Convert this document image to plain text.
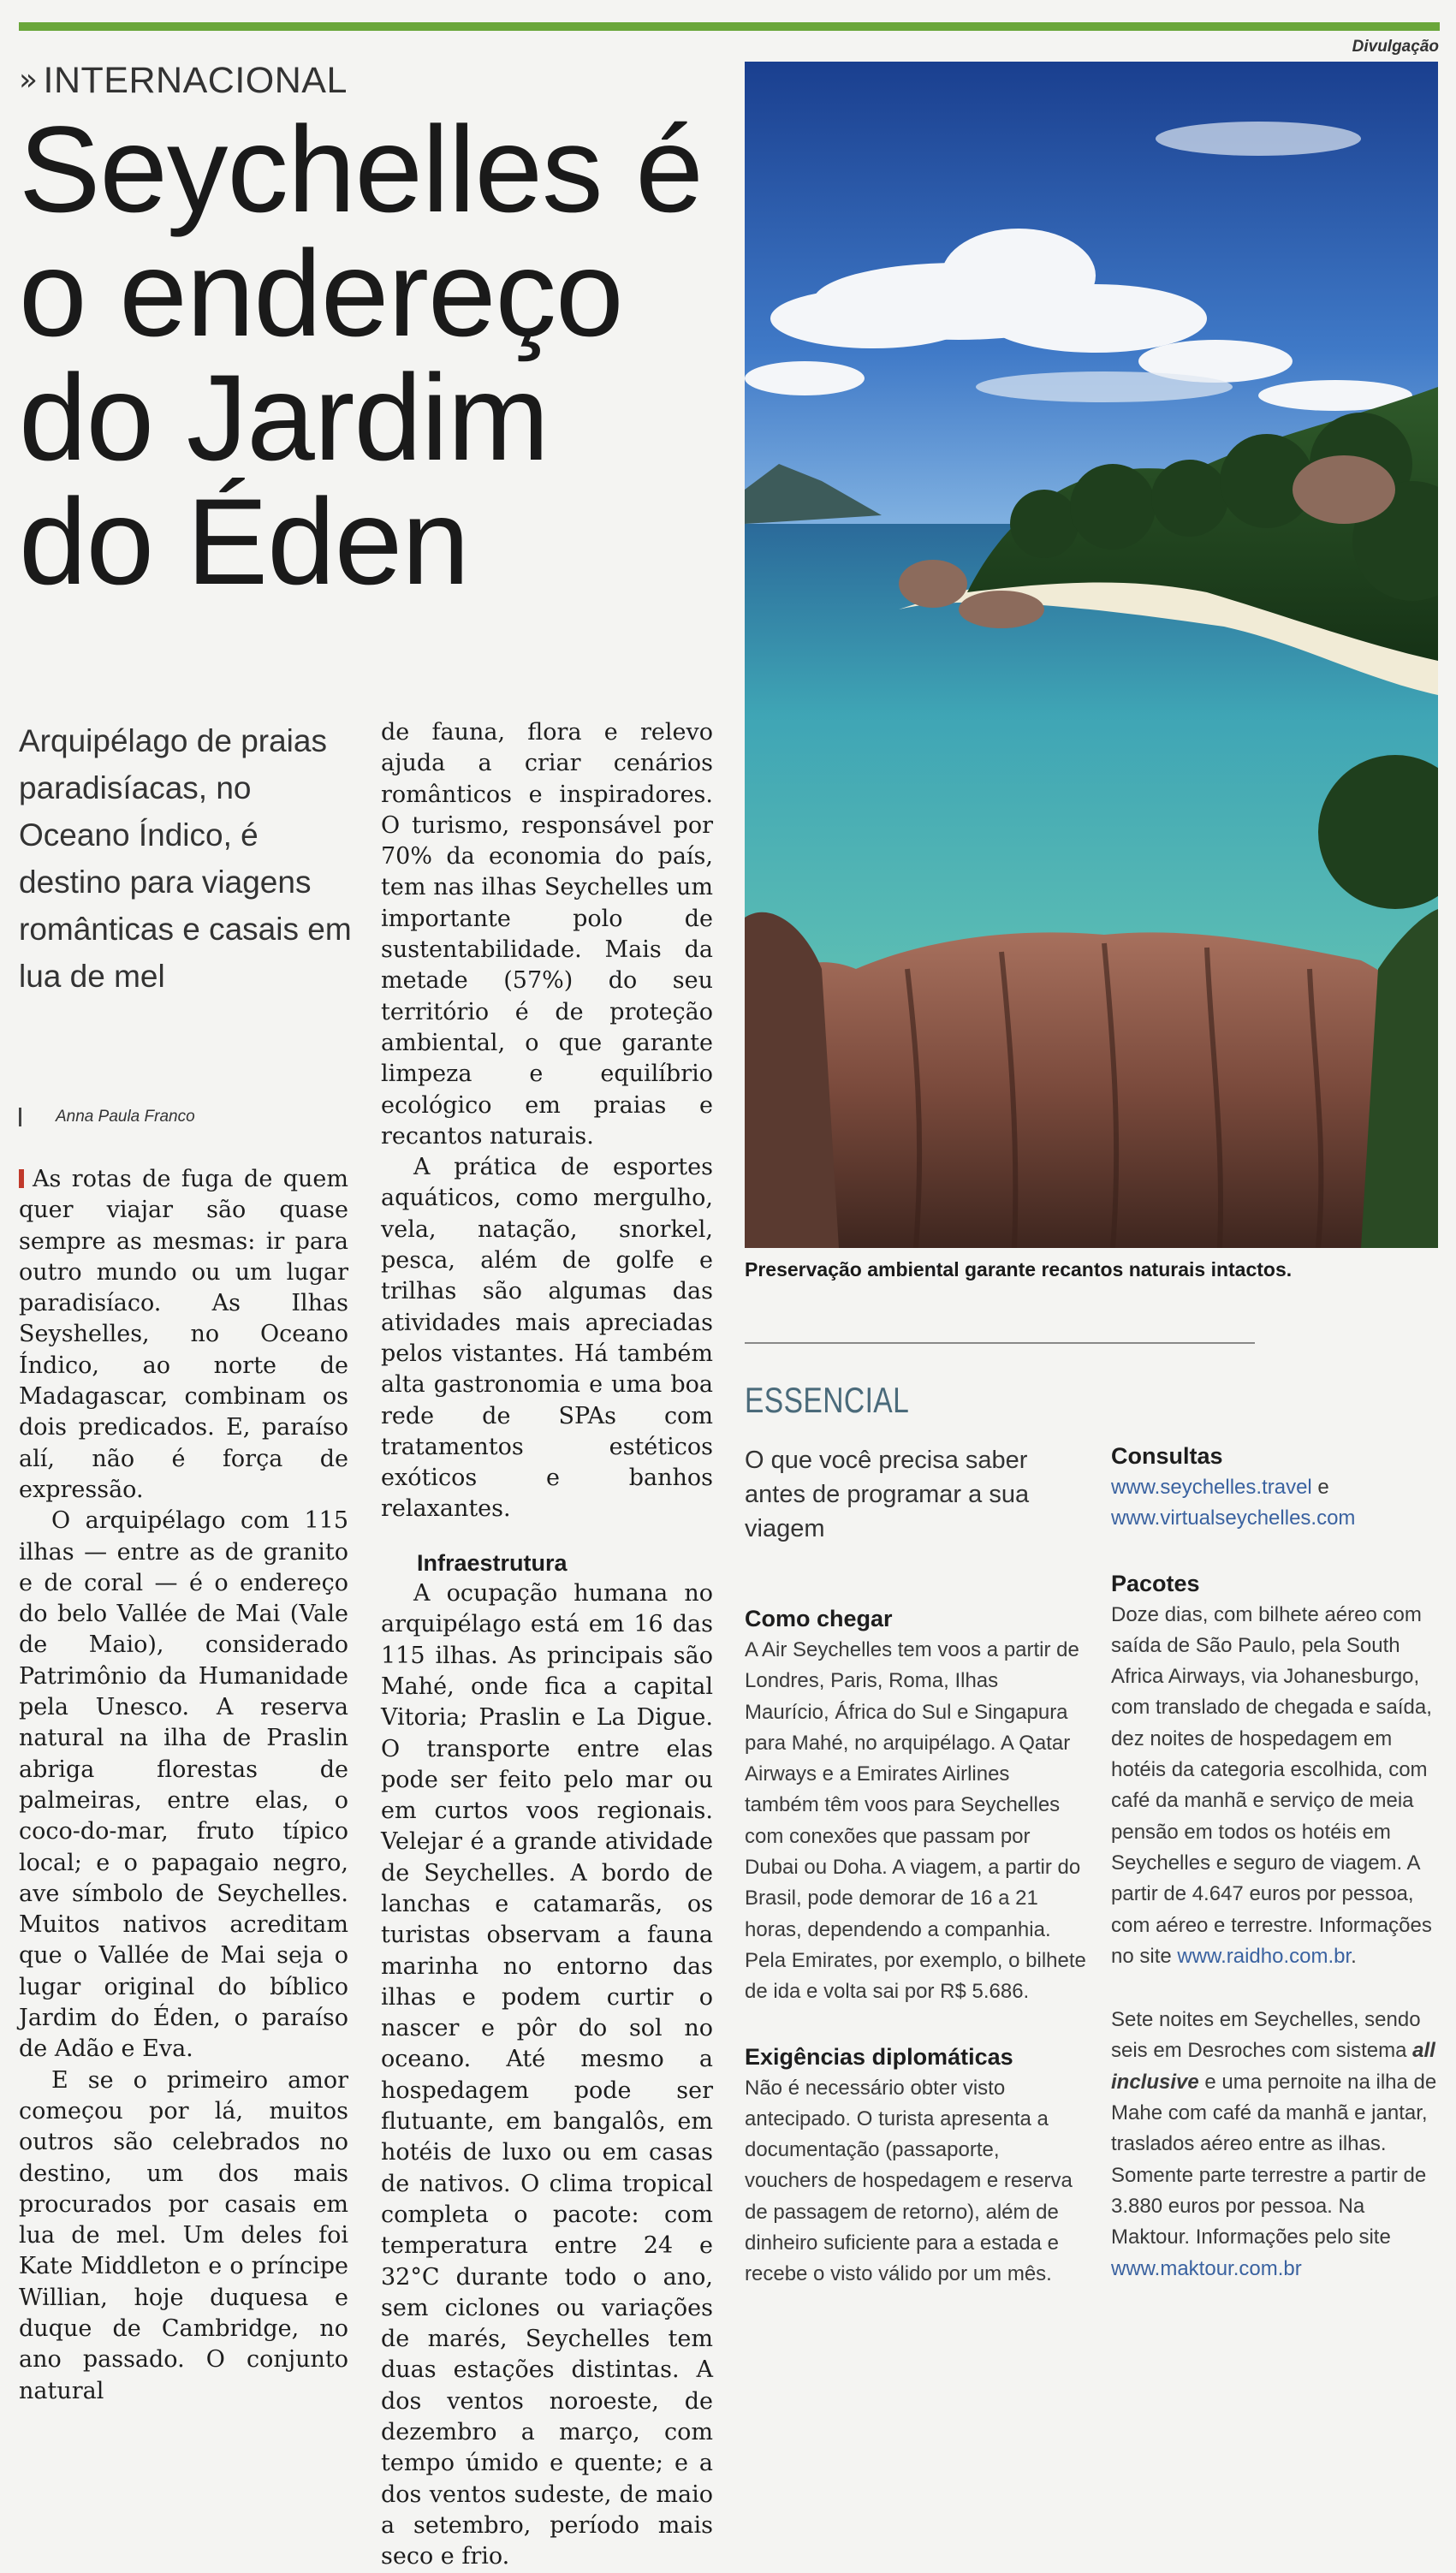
Divulgação
» INTERNACIONAL
Seychelles é
o endereço
do Jardim
do Éden
Preservação ambiental garante recantos naturais intactos.
Arquipélago de praias paradisíacas, no Oceano Índico, é destino para viagens românticas e casais em lua de mel
Anna Paula Franco

As rotas de fuga de quem quer viajar são quase sempre as mesmas: ir para outro mundo ou um lugar paradisíaco. As Ilhas Seyshelles, no Oceano Índico, ao norte de Madagascar, combinam os dois predicados. E, paraíso alí, não é força de expressão.

O arquipélago com 115 ilhas — entre as de granito e de coral — é o endereço do belo Vallée de Mai (Vale de Maio), considerado Patrimônio da Humanidade pela Unesco. A reserva natural na ilha de Praslin abriga florestas de palmeiras, entre elas, o coco-do-mar, fruto típico local; e o papagaio negro, ave símbolo de Seychelles. Muitos nativos acreditam que o Vallée de Mai seja o lugar original do bíblico Jardim do Éden, o paraíso de Adão e Eva.

E se o primeiro amor começou por lá, muitos outros são celebrados no destino, um dos mais procurados por casais em lua de mel. Um deles foi Kate Middleton e o príncipe Willian, hoje duquesa e duque de Cambridge, no ano passado. O conjunto natural

de fauna, flora e relevo ajuda a criar cenários românticos e inspiradores. O turismo, responsável por 70% da economia do país, tem nas ilhas Seychelles um importante polo de sustentabilidade. Mais da metade (57%) do seu território é de proteção ambiental, o que garante limpeza e equilíbrio ecológico em praias e recantos naturais.

A prática de esportes aquáticos, como mergulho, vela, natação, snorkel, pesca, além de golfe e trilhas são algumas das atividades mais apreciadas pelos vistantes. Há também alta gastronomia e uma boa rede de SPAs com tratamentos estéticos exóticos e banhos relaxantes.

Infraestrutura

A ocupação humana no arquipélago está em 16 das 115 ilhas. As principais são Mahé, onde fica a capital Vitoria; Praslin e La Digue. O transporte entre elas pode ser feito pelo mar ou em curtos voos regionais. Velejar é a grande atividade de Seychelles. A bordo de lanchas e catamarãs, os turistas observam a fauna marinha no entorno das ilhas e podem curtir o nascer e pôr do sol no oceano. Até mesmo a hospedagem pode ser flutuante, em bangalôs, em hotéis de luxo ou em casas de nativos. O clima tropical completa o pacote: com temperatura entre 24 e 32°C durante todo o ano, sem ciclones ou variações de marés, Seychelles tem duas estações distintas. A dos ventos noroeste, de dezembro a março, com tempo úmido e quente; e a dos ventos sudeste, de maio a setembro, período mais seco e frio.

ESSENCIAL
O que você precisa saber antes de programar a sua viagem
Como chegar

A Air Seychelles tem voos a partir de Londres, Paris, Roma, Ilhas Maurício, África do Sul e Singapura para Mahé, no arquipélago. A Qatar Airways e a Emirates Airlines também têm voos para Seychelles com conexões que passam por Dubai ou Doha. A viagem, a partir do Brasil, pode demorar de 16 a 21 horas, dependendo a companhia. Pela Emirates, por exemplo, o bilhete de ida e volta sai por R$ 5.686.

Exigências diplomáticas

Não é necessário obter visto antecipado. O turista apresenta a documentação (passaporte, vouchers de hospedagem e reserva de passagem de retorno), além de dinheiro suficiente para a estada e recebe o visto válido por um mês.

Consultas

www.seychelles.travel e www.virtualseychelles.com

Pacotes

Doze dias, com bilhete aéreo com saída de São Paulo, pela South Africa Airways, via Johanesburgo, com translado de chegada e saída, dez noites de hospedagem em hotéis da categoria escolhida, com café da manhã e serviço de meia pensão em todos os hotéis em Seychelles e seguro de viagem. A partir de 4.647 euros por pessoa, com aéreo e terrestre. Informações no site www.raidho.com.br.

Sete noites em Seychelles, sendo seis em Desroches com sistema all inclusive e uma pernoite na ilha de Mahe com café da manhã e jantar, traslados aéreo entre as ilhas. Somente parte terrestre a partir de 3.880 euros por pessoa. Na Maktour. Informações pelo site www.maktour.com.br
